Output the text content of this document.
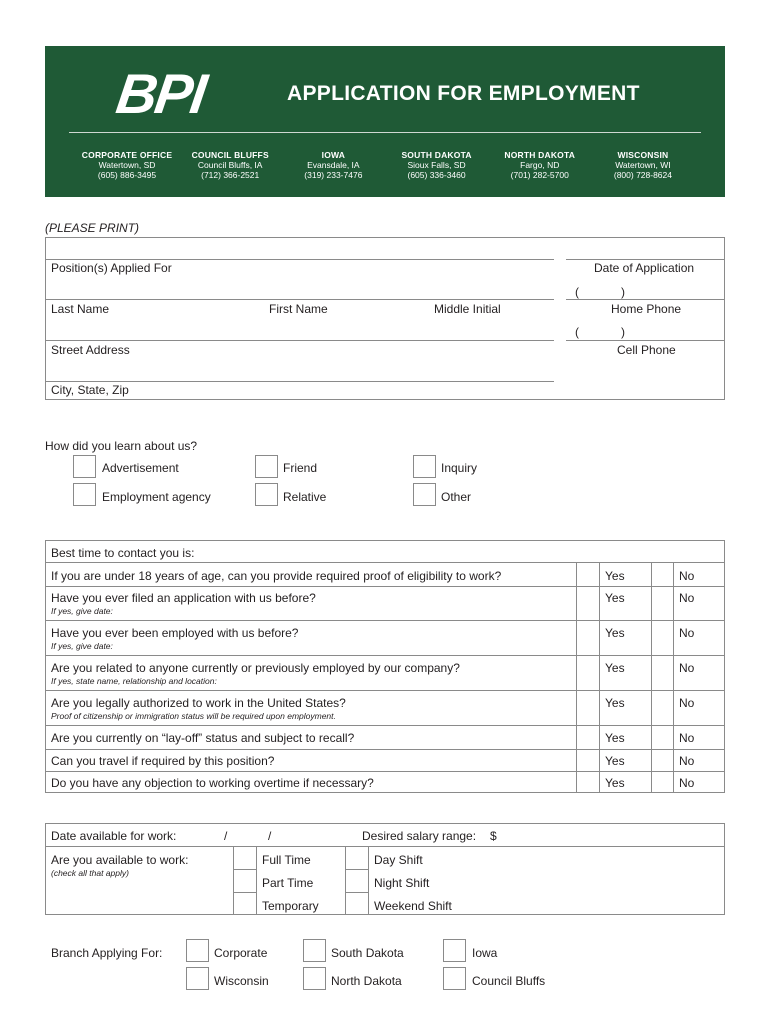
BPI	APPLICATION FOR EMPLOYMENT
CORPORATE OFFICE
Watertown, SD
(605) 886-3495
COUNCIL BLUFFS
Council Bluffs, IA
(712) 366-2521
IOWA
Evansdale, IA
(319) 233-7476
SOUTH DAKOTA
Sioux Falls, SD
(605) 336-3460
NORTH DAKOTA
Fargo, ND
(701) 282-5700
WISCONSIN
Watertown, WI
(800) 728-8624
(PLEASE PRINT)
Position(s) Applied For	Date of Application
(	)
Last Name	First Name	Middle Initial	Home Phone
(	)
Street Address	Cell Phone
City, State, Zip
How did you learn about us?
Advertisement	Friend	Inquiry
Employment agency	Relative	Other
Best time to contact you is:
If you are under 18 years of age, can you provide required proof of eligibility to work?	Yes	No
Have you ever filed an application with us before?
If yes, give date:
Yes	No
Have you ever been employed with us before?
If yes, give date:
Yes	No
Are you related to anyone currently or previously employed by our company?
If yes, state name, relationship and location:
Yes	No
Are you legally authorized to work in the United States?
Proof of citizenship or immigration status will be required upon employment.
Yes	No
Are you currently on “lay-off” status and subject to recall?	Yes	No
Can you travel if required by this position?	Yes	No
Do you have any objection to working overtime if necessary?	Yes	No
Date available for work:	/	/	Desired salary range: $
Are you available to work:
(check all that apply)
Full Time	Day Shift
Part Time	Night Shift
Temporary	Weekend Shift
Branch Applying For:	Corporate	South Dakota	Iowa
Wisconsin	North Dakota	Council Bluffs
